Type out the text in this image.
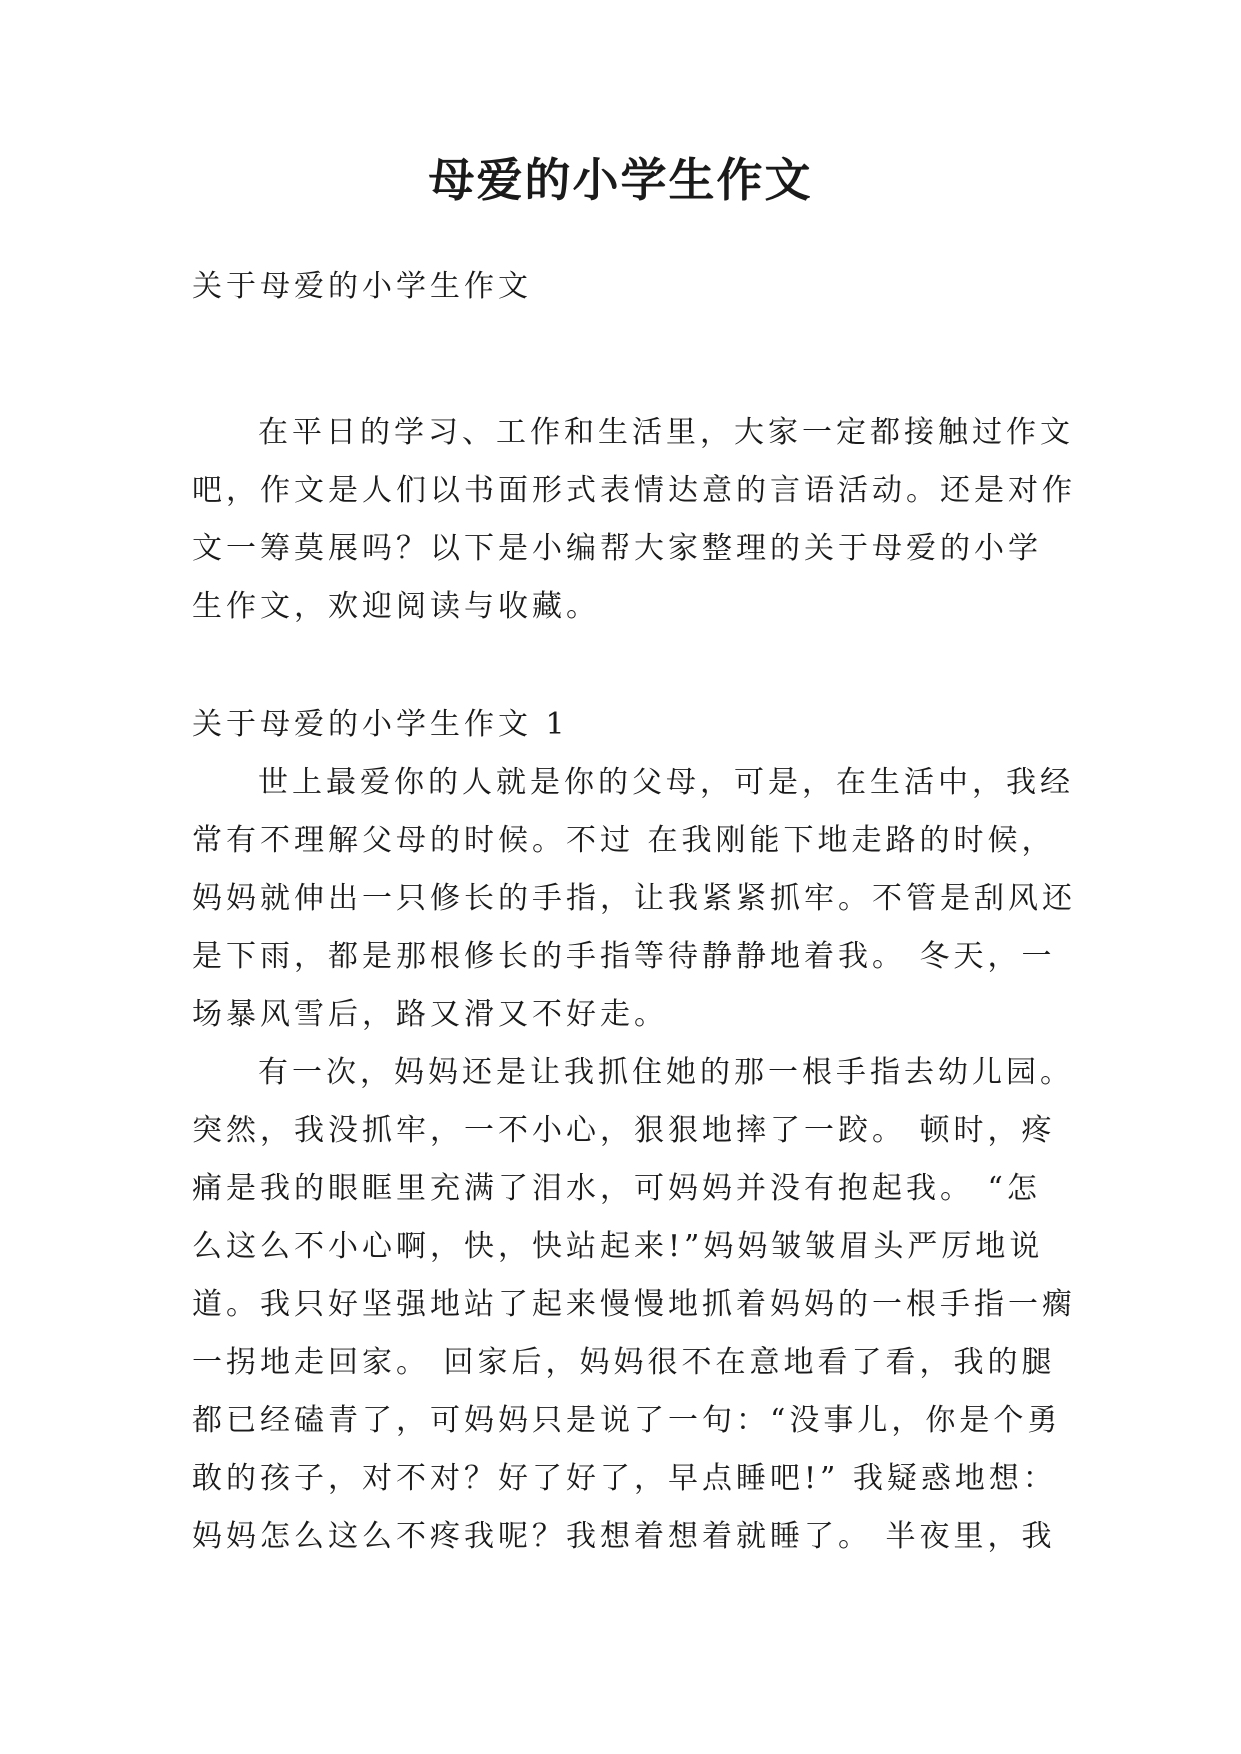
母爱的小学生作文
关于母爱的小学生作文

在平日的学习、工作和生活里，大家一定都接触过作文
吧，作文是人们以书面形式表情达意的言语活动。还是对作
文一筹莫展吗？以下是小编帮大家整理的关于母爱的小学
生作文，欢迎阅读与收藏。

关于母爱的小学生作文 1

世上最爱你的人就是你的父母，可是，在生活中，我经
常有不理解父母的时候。不过 在我刚能下地走路的时候，
妈妈就伸出一只修长的手指，让我紧紧抓牢。不管是刮风还
是下雨，都是那根修长的手指等待静静地着我。 冬天，一
场暴风雪后，路又滑又不好走。

有一次，妈妈还是让我抓住她的那一根手指去幼儿园。
突然，我没抓牢，一不小心，狠狠地摔了一跤。 顿时，疼
痛是我的眼眶里充满了泪水，可妈妈并没有抱起我。 “怎
么这么不小心啊，快，快站起来!”妈妈皱皱眉头严厉地说
道。我只好坚强地站了起来慢慢地抓着妈妈的一根手指一瘸
一拐地走回家。 回家后，妈妈很不在意地看了看，我的腿
都已经磕青了，可妈妈只是说了一句：“没事儿，你是个勇
敢的孩子，对不对？好了好了，早点睡吧!” 我疑惑地想：
妈妈怎么这么不疼我呢？我想着想着就睡了。 半夜里，我
